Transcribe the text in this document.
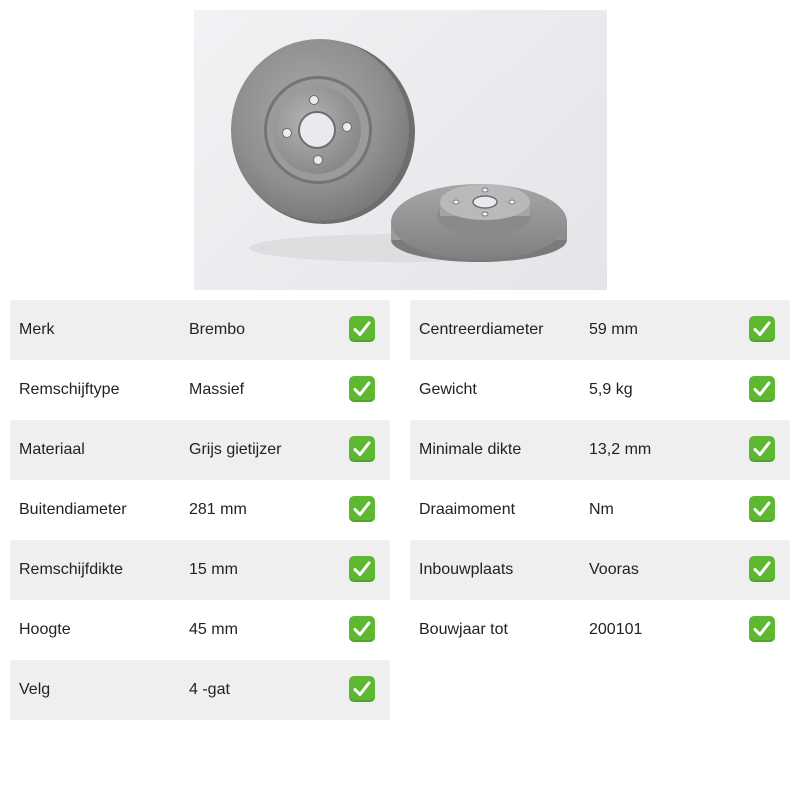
Merk	Brembo
Remschijftype	Massief
Materiaal	Grijs gietijzer
Buitendiameter	281 mm
Remschijfdikte	15 mm
Hoogte	45 mm
Velg	4 -gat
Centreerdiameter	59 mm
Gewicht	5,9 kg
Minimale dikte	13,2 mm
Draaimoment	Nm
Inbouwplaats	Vooras
Bouwjaar tot	200101
